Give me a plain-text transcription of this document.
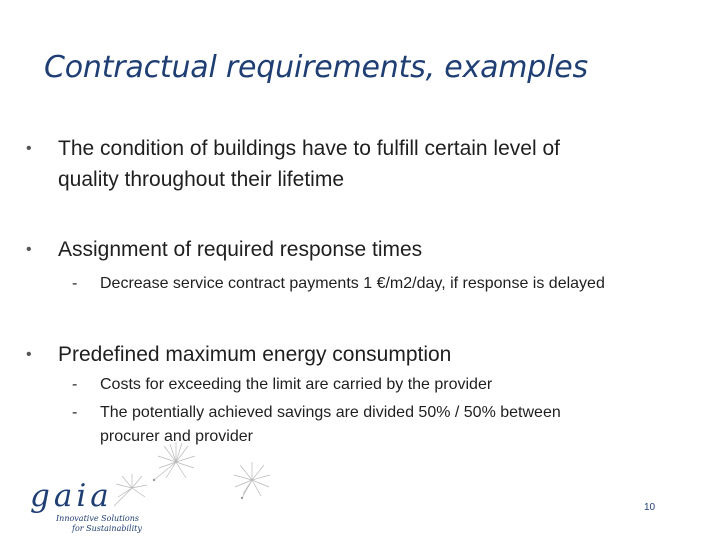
Contractual requirements, examples
• The condition of buildings have to fulfill certain level of
quality throughout their lifetime
• Assignment of required response times
- Decrease service contract payments 1 €/m2/day, if response is delayed
• Predefined maximum energy consumption
- Costs for exceeding the limit are carried by the provider
- The potentially achieved savings are divided 50% / 50% between
procurer and provider
gaia
Innovative Solutions
for Sustainability
10
